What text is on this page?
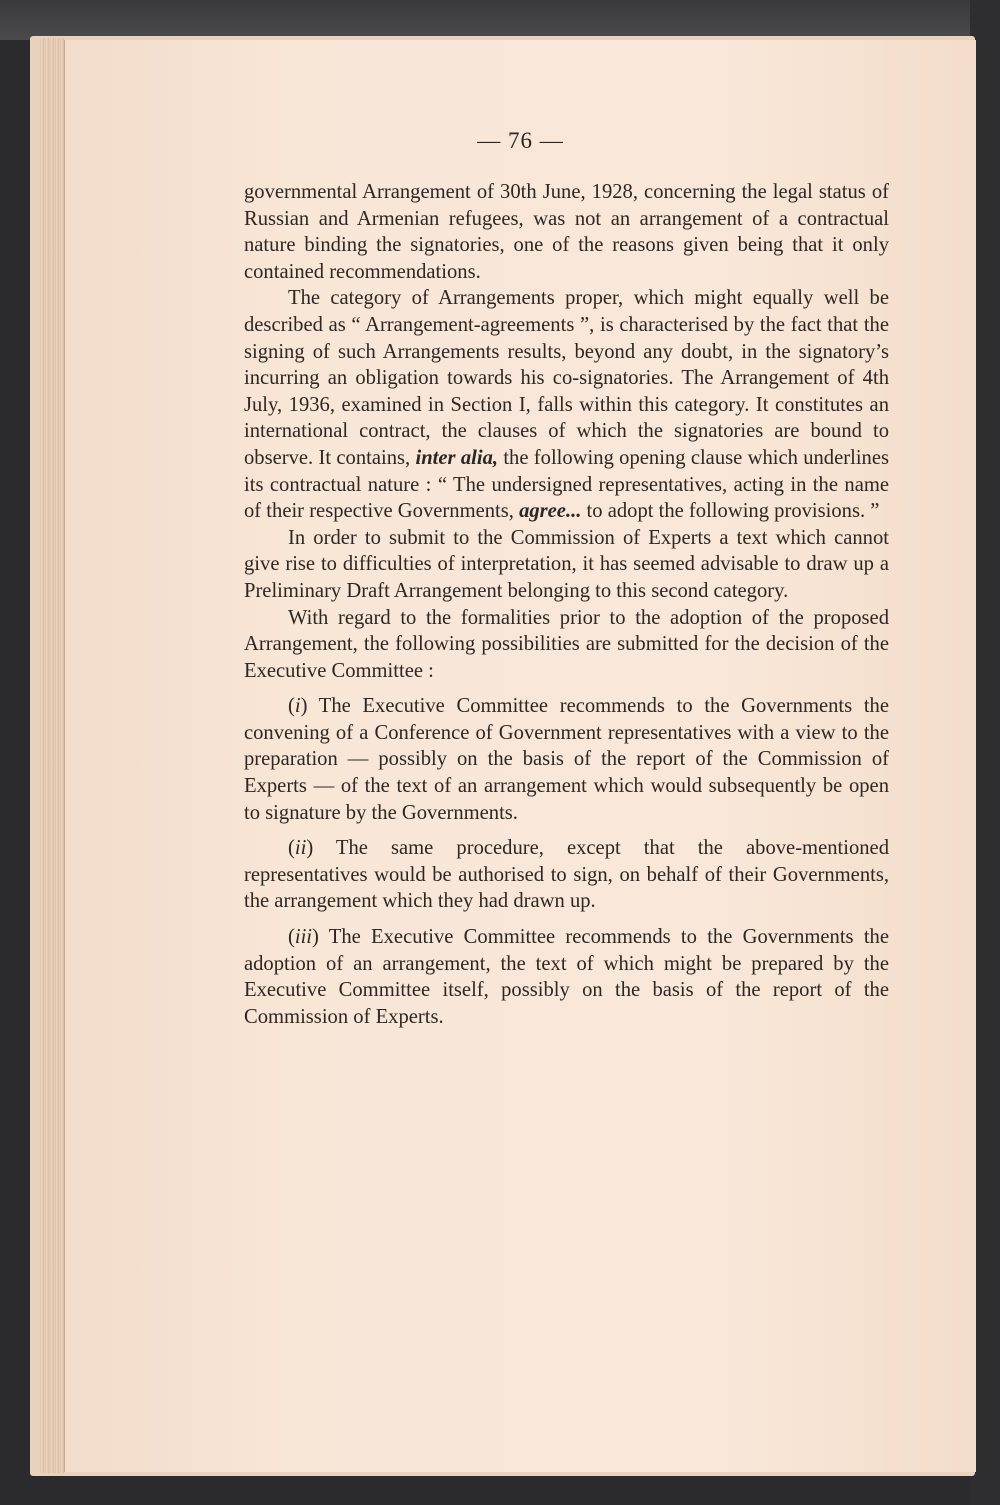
— 76 —

governmental Arrangement of 30th June, 1928, concerning the legal status of Russian and Armenian refugees, was not an arrangement of a contractual nature binding the signatories, one of the reasons given being that it only contained recommendations.

The category of Arrangements proper, which might equally well be described as “ Arrangement-agreements ”, is characterised by the fact that the signing of such Arrangements results, beyond any doubt, in the signatory’s incurring an obligation towards his co-signatories. The Arrangement of 4th July, 1936, examined in Section I, falls within this category. It constitutes an international contract, the clauses of which the signatories are bound to observe. It contains, inter alia, the following opening clause which underlines its contractual nature : “ The undersigned representatives, acting in the name of their respective Governments, agree... to adopt the following provisions. ”

In order to submit to the Commission of Experts a text which cannot give rise to difficulties of interpretation, it has seemed advisable to draw up a Preliminary Draft Arrangement belonging to this second category.

With regard to the formalities prior to the adoption of the proposed Arrangement, the following possibilities are submitted for the decision of the Executive Committee :

(i) The Executive Committee recommends to the Governments the convening of a Conference of Government representatives with a view to the preparation — possibly on the basis of the report of the Commission of Experts — of the text of an arrangement which would subsequently be open to signature by the Governments.

(ii) The same procedure, except that the above-mentioned representatives would be authorised to sign, on behalf of their Governments, the arrangement which they had drawn up.

(iii) The Executive Committee recommends to the Governments the adoption of an arrangement, the text of which might be prepared by the Executive Committee itself, possibly on the basis of the report of the Commission of Experts.
